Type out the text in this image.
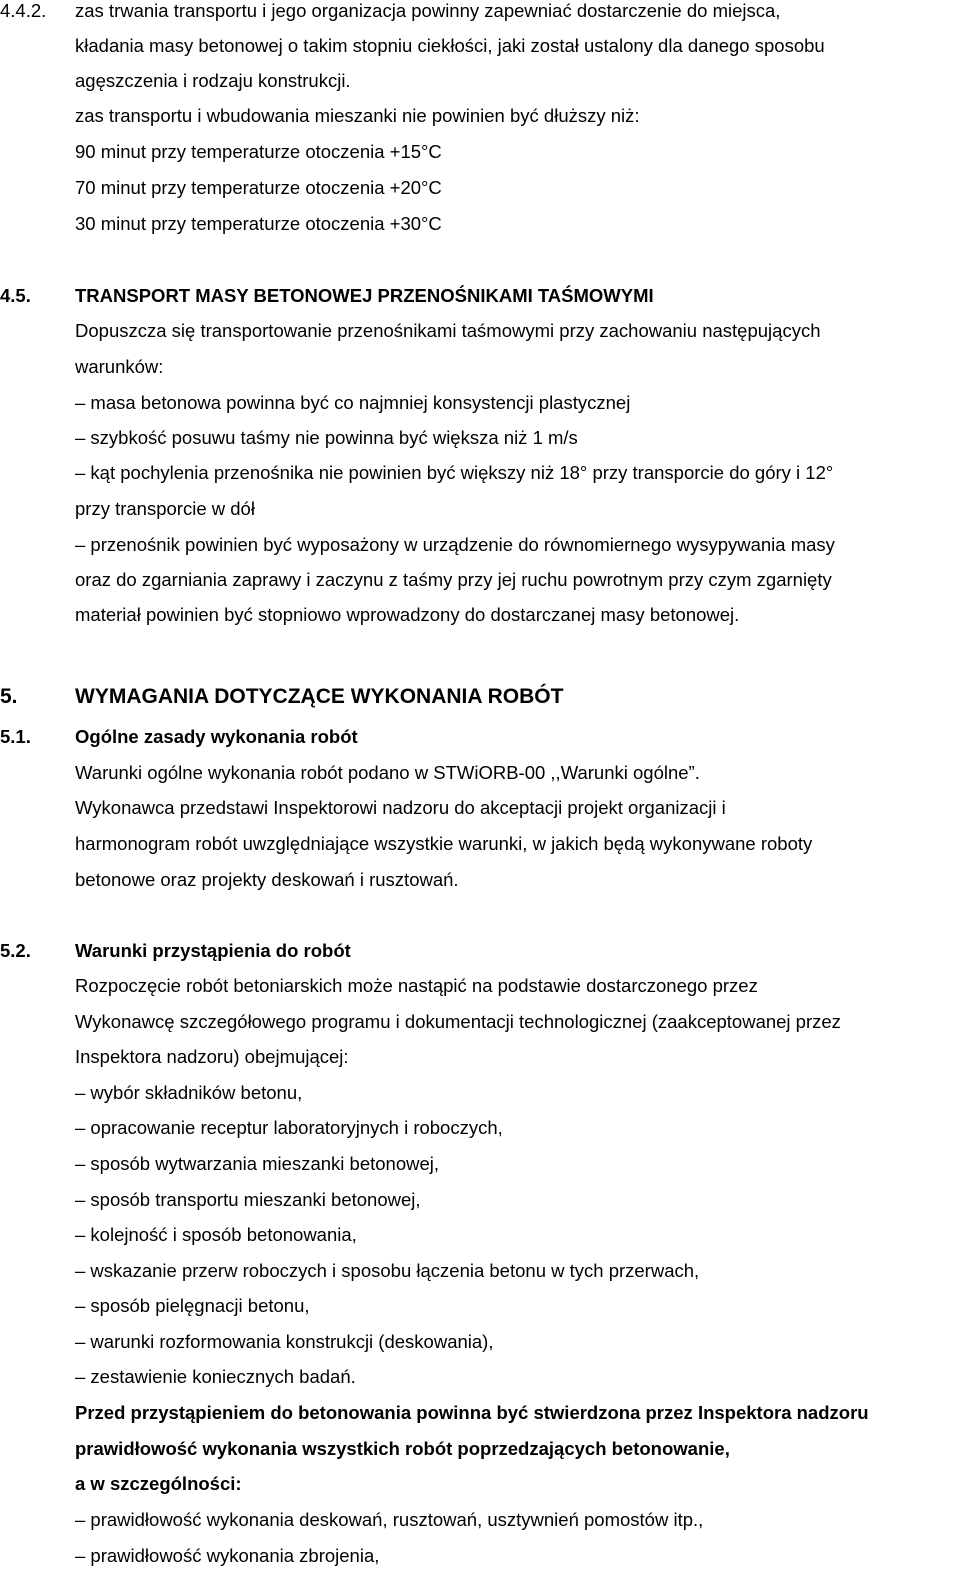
4.4.2. zas trwania transportu i jego organizacja powinny zapewniać dostarczenie do miejsca,
kładania masy betonowej o takim stopniu ciekłości, jaki został ustalony dla danego sposobu
agęszczenia i rodzaju konstrukcji.
zas transportu i wbudowania mieszanki nie powinien być dłuższy niż:
90 minut przy temperaturze otoczenia +15°C
70 minut przy temperaturze otoczenia +20°C
30 minut przy temperaturze otoczenia +30°C
4.5. TRANSPORT MASY BETONOWEJ PRZENOŚNIKAMI TAŚMOWYMI
Dopuszcza się transportowanie przenośnikami taśmowymi przy zachowaniu następujących
warunków:
– masa betonowa powinna być co najmniej konsystencji plastycznej
– szybkość posuwu taśmy nie powinna być większa niż 1 m/s
– kąt pochylenia przenośnika nie powinien być większy niż 18° przy transporcie do góry i 12°
przy transporcie w dół
– przenośnik powinien być wyposażony w urządzenie do równomiernego wysypywania masy
oraz do zgarniania zaprawy i zaczynu z taśmy przy jej ruchu powrotnym przy czym zgarnięty
materiał powinien być stopniowo wprowadzony do dostarczanej masy betonowej.
5.	WYMAGANIA DOTYCZĄCE WYKONANIA ROBÓT
5.1. Ogólne zasady wykonania robót
Warunki ogólne wykonania robót podano w STWiORB-00 ,,Warunki ogólne”.
Wykonawca przedstawi Inspektorowi nadzoru do akceptacji projekt organizacji i
harmonogram robót uwzględniające wszystkie warunki, w jakich będą wykonywane roboty
betonowe oraz projekty deskowań i rusztowań.
5.2. Warunki przystąpienia do robót
Rozpoczęcie robót betoniarskich może nastąpić na podstawie dostarczonego przez
Wykonawcę szczegółowego programu i dokumentacji technologicznej (zaakceptowanej przez
Inspektora nadzoru) obejmującej:
– wybór składników betonu,
– opracowanie receptur laboratoryjnych i roboczych,
– sposób wytwarzania mieszanki betonowej,
– sposób transportu mieszanki betonowej,
– kolejność i sposób betonowania,
– wskazanie przerw roboczych i sposobu łączenia betonu w tych przerwach,
– sposób pielęgnacji betonu,
– warunki rozformowania konstrukcji (deskowania),
– zestawienie koniecznych badań.
Przed przystąpieniem do betonowania powinna być stwierdzona przez Inspektora nadzoru
prawidłowość wykonania wszystkich robót poprzedzających betonowanie,
a w szczególności:
– prawidłowość wykonania deskowań, rusztowań, usztywnień pomostów itp.,
– prawidłowość wykonania zbrojenia,
